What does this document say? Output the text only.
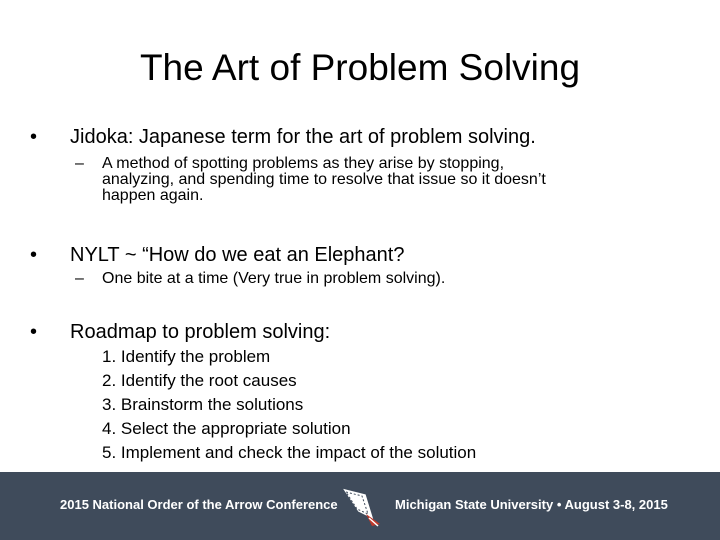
The Art of Problem Solving
• Jidoka: Japanese term for the art of problem solving.
– A method of spotting problems as they arise by stopping,
analyzing, and spending time to resolve that issue so it doesn’t
happen again.
• NYLT ~ “How do we eat an Elephant?
– One bite at a time (Very true in problem solving).
• Roadmap to problem solving:
1. Identify the problem
2. Identify the root causes
3. Brainstorm the solutions
4. Select the appropriate solution
5. Implement and check the impact of the solution
2015 National Order of the Arrow Conference	Michigan State University • August 3-8, 2015
